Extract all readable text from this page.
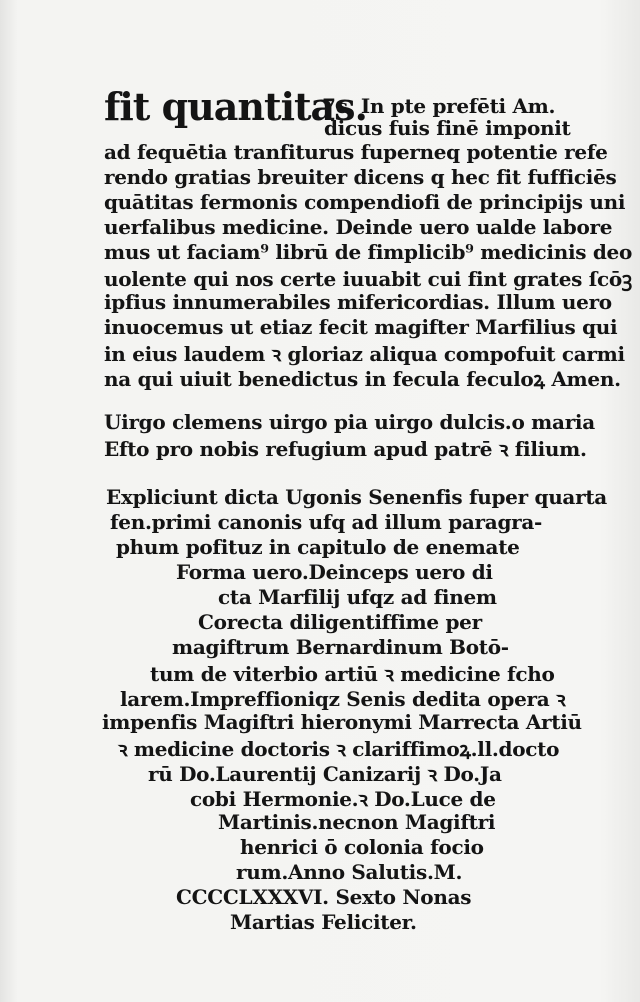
fit quantitas.
7c. In pte prefēti Am.
dicus fuis finē imponit
ad fequētia tranfiturus fuperneq potentie refe
rendo gratias breuiter dicens q hec fit fufficiēs
quātitas fermonis compendiofi de principijs uni
uerfalibus medicine. Deinde uero ualde labore
mus ut faciam⁹ librū de fimplicib⁹ medicinis deo
uolente qui nos certe iuuabit cui fint grates ſcōꝫ
ipfius innumerabiles mifericordias. Illum uero
inuocemus ut etiaz fecit magifter Marfilius qui
in eius laudem ꝛ gloriaz aliqua compofuit carmi
na qui uiuit benedictus in fecula feculoꝝ Amen.
Uirgo clemens uirgo pia uirgo dulcis.o maria
Efto pro nobis refugium apud patrē ꝛ filium.
Expliciunt dicta Ugonis Senenfis fuper quarta
fen.primi canonis ufq ad illum paragra-
phum pofituz in capitulo de enemate
Forma uero.Deinceps uero di
cta Marfilij ufqz ad finem
Corecta diligentiffime per
magiftrum Bernardinum Botō-
tum de viterbio artiū ꝛ medicine fcho
larem.Impreffioniqz Senis dedita opera ꝛ
impenfis Magiftri hieronymi Marrecta Artiū
ꝛ medicine doctoris ꝛ clariffimoꝝ.ll.docto
rū Do.Laurentij Canizarij ꝛ Do.Ja
cobi Hermonie.ꝛ Do.Luce de
Martinis.necnon Magiftri
henrici ō colonia focio
rum.Anno Salutis.M.
CCCCLXXXVI. Sexto Nonas
Martias Feliciter.
